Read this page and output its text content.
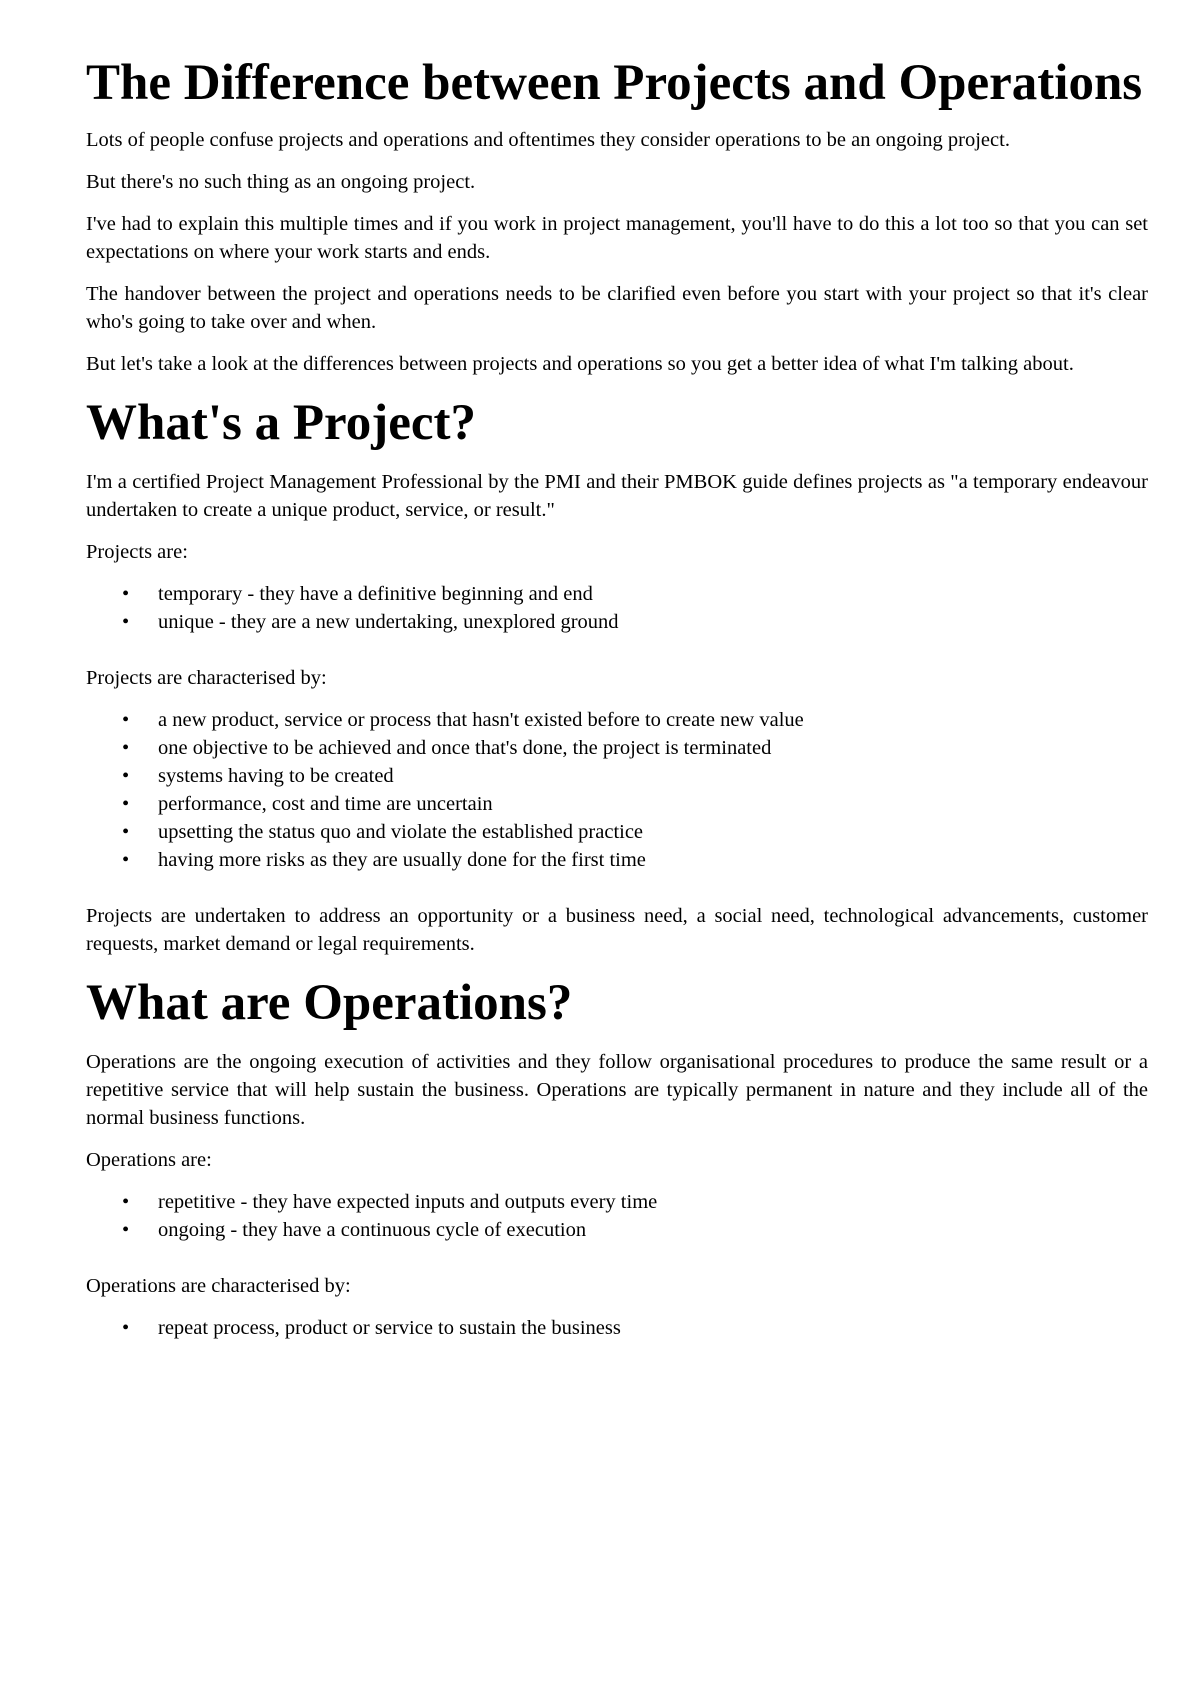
The Difference between Projects and Operations

Lots of people confuse projects and operations and oftentimes they consider operations to be an ongoing project.

But there's no such thing as an ongoing project.

I've had to explain this multiple times and if you work in project management, you'll have to do this a lot too so that you can set expectations on where your work starts and ends.

The handover between the project and operations needs to be clarified even before you start with your project so that it's clear who's going to take over and when.

But let's take a look at the differences between projects and operations so you get a better idea of what I'm talking about.

What's a Project?

I'm a certified Project Management Professional by the PMI and their PMBOK guide defines projects as "a temporary endeavour undertaken to create a unique product, service, or result."

Projects are:

• temporary - they have a definitive beginning and end
• unique - they are a new undertaking, unexplored ground

Projects are characterised by:

• a new product, service or process that hasn't existed before to create new value
• one objective to be achieved and once that's done, the project is terminated
• systems having to be created
• performance, cost and time are uncertain
• upsetting the status quo and violate the established practice
• having more risks as they are usually done for the first time

Projects are undertaken to address an opportunity or a business need, a social need, technological advancements, customer requests, market demand or legal requirements.

What are Operations?

Operations are the ongoing execution of activities and they follow organisational procedures to produce the same result or a repetitive service that will help sustain the business. Operations are typically permanent in nature and they include all of the normal business functions.

Operations are:

• repetitive - they have expected inputs and outputs every time
• ongoing - they have a continuous cycle of execution

Operations are characterised by:

• repeat process, product or service to sustain the business
